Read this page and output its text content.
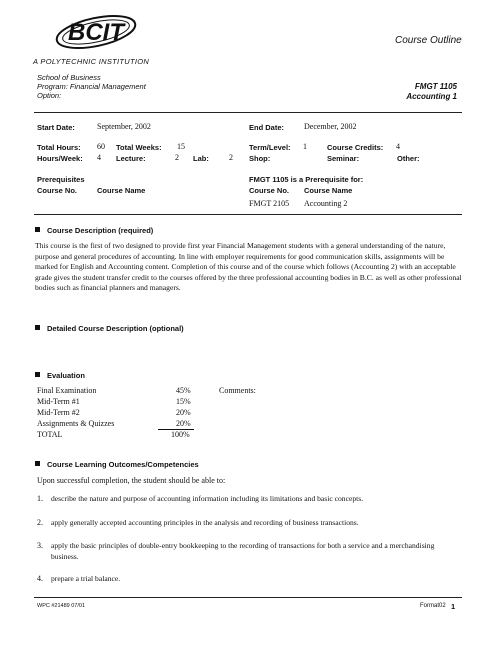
BCIT
A POLYTECHNIC INSTITUTION
Course Outline
School of Business
Program: Financial Management
Option:
FMGT 1105
Accounting 1
Start Date:	September, 2002	End Date: December, 2002
Total Hours: 60 Total Weeks: 15	Term/Level: 1	Course Credits: 4
Hours/Week: 4 Lecture:	2 Lab:	2 Shop:	Seminar:	Other:
Prerequisites
Course No.	Course Name
FMGT 1105 is a Prerequisite for:
Course No. Course Name
FMGT 2105 Accounting 2
Course Description (required)
This course is the first of two designed to provide first year Financial Management students with a general understanding of the nature, purpose and general procedures of accounting. In line with employer requirements for good communication skills, assignments will be marked for English and Accounting content. Completion of this course and of the course which follows (Accounting 2) with an acceptable grade gives the student transfer credit to the courses offered by the three professional accounting bodies in B.C. as well as other professional bodies such as financial planners and managers.
Detailed Course Description (optional)
Evaluation
Final Examination	45%
Mid-Term #1	15%
Mid-Term #2	20%
Assignments & Quizzes	20%
TOTAL	100%
Comments:
Course Learning Outcomes/Competencies
Upon successful completion, the student should be able to:
1. describe the nature and purpose of accounting information including its limitations and basic concepts.
2. apply generally accepted accounting principles in the analysis and recording of business transactions.
3. apply the basic principles of double-entry bookkeeping to the recording of transactions for both a service and a merchandising business.
4. prepare a trial balance.
WPC #21489 07/01	Format02 1
